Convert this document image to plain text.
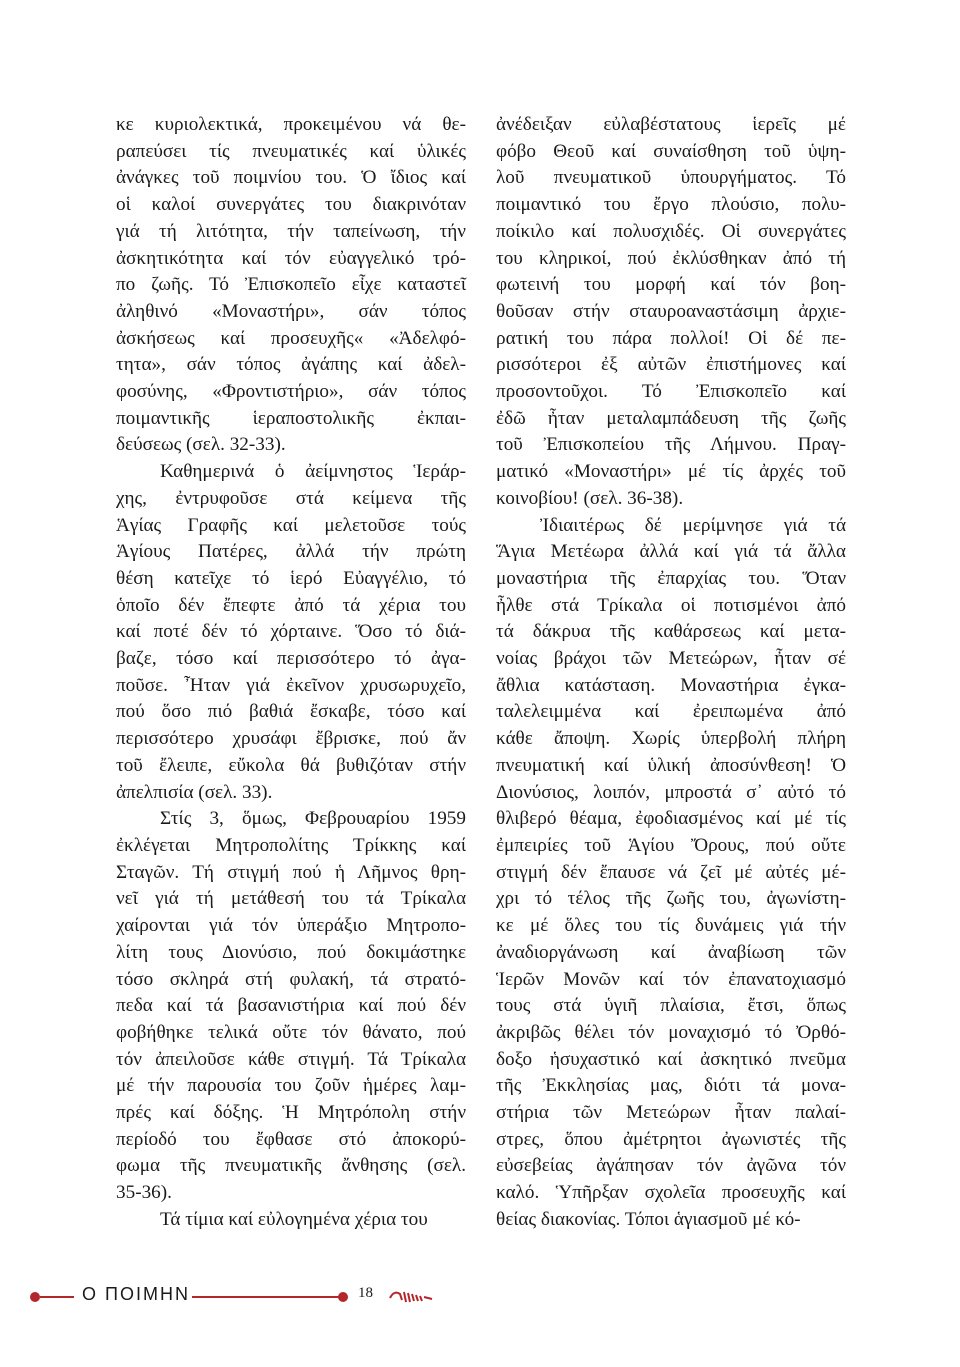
κε κυριολεκτικά, προκειμένου νά θε-
ραπεύσει τίς πνευματικές καί ὑλικές
ἀνάγκες τοῦ ποιμνίου του. Ὁ ἴδιος καί
οἱ καλοί συνεργάτες του διακρινόταν
γιά τή λιτότητα, τήν ταπείνωση, τήν
ἀσκητικότητα καί τόν εὐαγγελικό τρό-
πο ζωῆς. Τό Ἐπισκοπεῖο εἶχε καταστεῖ
ἀληθινό «Μοναστήρι», σάν τόπος
ἀσκήσεως καί προσευχῆς« «Ἀδελφό-
τητα», σάν τόπος ἀγάπης καί ἀδελ-
φοσύνης, «Φροντιστήριο», σάν τόπος
ποιμαντικῆς ἱεραποστολικῆς ἐκπαι-
δεύσεως (σελ. 32-33).
Καθημερινά ὁ ἀείμνηστος Ἱεράρ-
χης, ἐντρυφοῦσε στά κείμενα τῆς
Ἁγίας Γραφῆς καί μελετοῦσε τούς
Ἁγίους Πατέρες, ἀλλά τήν πρώτη
θέση κατεῖχε τό ἱερό Εὐαγγέλιο, τό
ὁποῖο δέν ἔπεφτε ἀπό τά χέρια του
καί ποτέ δέν τό χόρταινε. Ὅσο τό διά-
βαζε, τόσο καί περισσότερο τό ἀγα-
ποῦσε. Ἦταν γιά ἐκεῖνον χρυσωρυχεῖο,
πού ὅσο πιό βαθιά ἔσκαβε, τόσο καί
περισσότερο χρυσάφι ἔβρισκε, πού ἄν
τοῦ ἔλειπε, εὔκολα θά βυθιζόταν στήν
ἀπελπισία (σελ. 33).
Στίς 3, ὅμως, Φεβρουαρίου 1959
ἐκλέγεται Μητροπολίτης Τρίκκης καί
Σταγῶν. Τή στιγμή πού ἡ Λῆμνος θρη-
νεῖ γιά τή μετάθεσή του τά Τρίκαλα
χαίρονται γιά τόν ὑπεράξιο Μητροπο-
λίτη τους Διονύσιο, πού δοκιμάστηκε
τόσο σκληρά στή φυλακή, τά στρατό-
πεδα καί τά βασανιστήρια καί πού δέν
φοβήθηκε τελικά οὔτε τόν θάνατο, πού
τόν ἀπειλοῦσε κάθε στιγμή. Τά Τρίκαλα
μέ τήν παρουσία του ζοῦν ἡμέρες λαμ-
πρές καί δόξης. Ἡ Μητρόπολη στήν
περίοδό του ἔφθασε στό ἀποκορύ-
φωμα τῆς πνευματικῆς ἄνθησης (σελ.
35-36).
Τά τίμια καί εὐλογημένα χέρια του
ἀνέδειξαν εὐλαβέστατους ἱερεῖς μέ
φόβο Θεοῦ καί συναίσθηση τοῦ ὑψη-
λοῦ πνευματικοῦ ὑπουργήματος. Τό
ποιμαντικό του ἔργο πλούσιο, πολυ-
ποίκιλο καί πολυσχιδές. Οἱ συνεργάτες
του κληρικοί, πού ἐκλύσθηκαν ἀπό τή
φωτεινή του μορφή καί τόν βοη-
θοῦσαν στήν σταυροαναστάσιμη ἀρχιε-
ρατική του πάρα πολλοί! Οἱ δέ πε-
ρισσότεροι ἐξ αὐτῶν ἐπιστήμονες καί
προσοντοῦχοι. Τό Ἐπισκοπεῖο καί
ἐδῶ ἦταν μεταλαμπάδευση τῆς ζωῆς
τοῦ Ἐπισκοπείου τῆς Λήμνου. Πραγ-
ματικό «Μοναστήρι» μέ τίς ἀρχές τοῦ
κοινοβίου! (σελ. 36-38).
Ἰδιαιτέρως δέ μερίμνησε γιά τά
Ἅγια Μετέωρα ἀλλά καί γιά τά ἄλλα
μοναστήρια τῆς ἐπαρχίας του. Ὅταν
ἦλθε στά Τρίκαλα οἱ ποτισμένοι ἀπό
τά δάκρυα τῆς καθάρσεως καί μετα-
νοίας βράχοι τῶν Μετεώρων, ἦταν σέ
ἄθλια κατάσταση. Μοναστήρια ἐγκα-
ταλελειμμένα καί ἐρειπωμένα ἀπό
κάθε ἄποψη. Χωρίς ὑπερβολή πλήρη
πνευματική καί ὑλική ἀποσύνθεση! Ὁ
Διονύσιος, λοιπόν, μπροστά σ᾽ αὐτό τό
θλιβερό θέαμα, ἐφοδιασμένος καί μέ τίς
ἐμπειρίες τοῦ Ἁγίου Ὄρους, πού οὔτε
στιγμή δέν ἔπαυσε νά ζεῖ μέ αὐτές μέ-
χρι τό τέλος τῆς ζωῆς του, ἀγωνίστη-
κε μέ ὅλες του τίς δυνάμεις γιά τήν
ἀναδιοργάνωση καί ἀναβίωση τῶν
Ἱερῶν Μονῶν καί τόν ἐπανατοχιασμό
τους στά ὑγιῆ πλαίσια, ἔτσι, ὅπως
ἀκριβῶς θέλει τόν μοναχισμό τό Ὀρθό-
δοξο ἡσυχαστικό καί ἀσκητικό πνεῦμα
τῆς Ἐκκλησίας μας, διότι τά μονα-
στήρια τῶν Μετεώρων ἦταν παλαί-
στρες, ὅπου ἀμέτρητοι ἀγωνιστές τῆς
εὐσεβείας ἀγάπησαν τόν ἀγῶνα τόν
καλό. Ὑπῆρξαν σχολεῖα προσευχῆς καί
θείας διακονίας. Τόποι ἁγιασμοῦ μέ κό-
Ο ΠΟΙΜΗΝ	18
